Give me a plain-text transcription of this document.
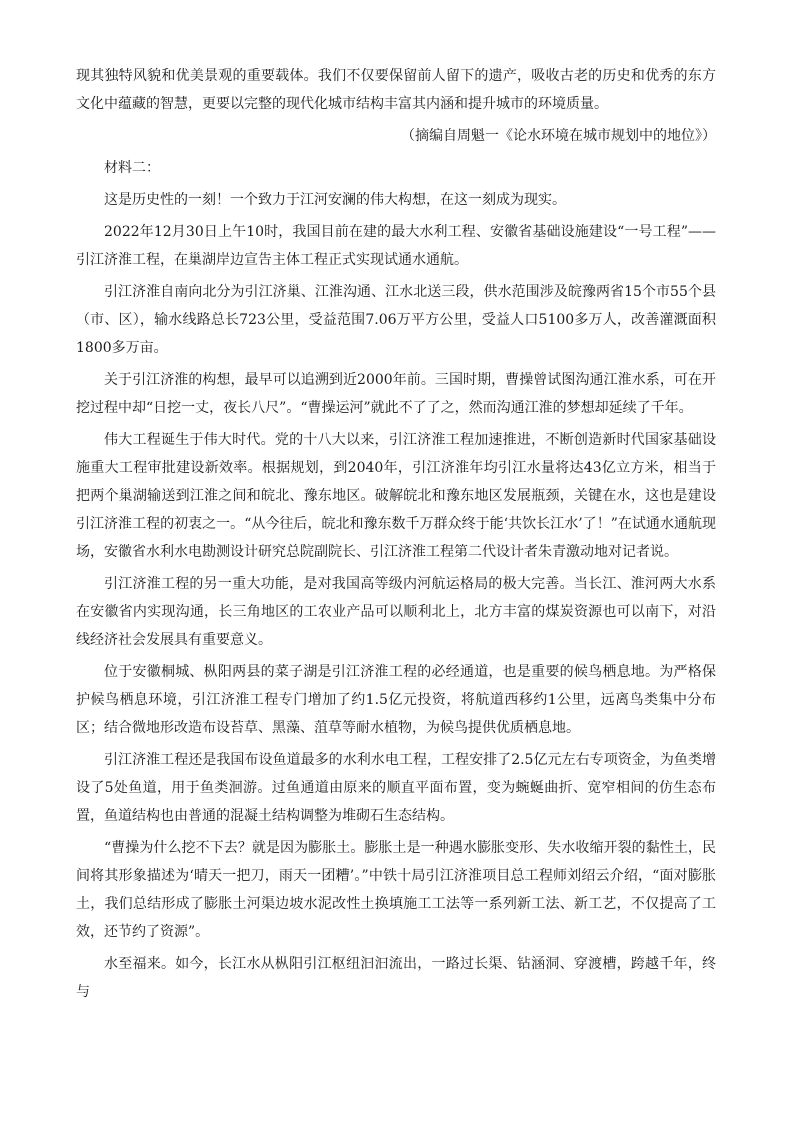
现其独特风貌和优美景观的重要载体。我们不仅要保留前人留下的遗产，吸收古老的历史和优秀的东方文化中蕴藏的智慧，更要以完整的现代化城市结构丰富其内涵和提升城市的环境质量。

（摘编自周魁一《论水环境在城市规划中的地位》）

材料二：

这是历史性的一刻！一个致力于江河安澜的伟大构想，在这一刻成为现实。

2022年12月30日上午10时，我国目前在建的最大水利工程、安徽省基础设施建设“一号工程”——引江济淮工程，在巢湖岸边宣告主体工程正式实现试通水通航。

引江济淮自南向北分为引江济巢、江淮沟通、江水北送三段，供水范围涉及皖豫两省15个市55个县（市、区），输水线路总长723公里，受益范围7.06万平方公里，受益人口5100多万人，改善灌溉面积1800多万亩。

关于引江济淮的构想，最早可以追溯到近2000年前。三国时期，曹操曾试图沟通江淮水系，可在开挖过程中却“日挖一丈，夜长八尺”。“曹操运河”就此不了了之，然而沟通江淮的梦想却延续了千年。

伟大工程诞生于伟大时代。党的十八大以来，引江济淮工程加速推进，不断创造新时代国家基础设施重大工程审批建设新效率。根据规划，到2040年，引江济淮年均引江水量将达43亿立方米，相当于把两个巢湖输送到江淮之间和皖北、豫东地区。破解皖北和豫东地区发展瓶颈，关键在水，这也是建设引江济淮工程的初衷之一。“从今往后，皖北和豫东数千万群众终于能‘共饮长江水’了！”在试通水通航现场，安徽省水利水电勘测设计研究总院副院长、引江济淮工程第二代设计者朱青激动地对记者说。

引江济淮工程的另一重大功能，是对我国高等级内河航运格局的极大完善。当长江、淮河两大水系在安徽省内实现沟通，长三角地区的工农业产品可以顺利北上，北方丰富的煤炭资源也可以南下，对沿线经济社会发展具有重要意义。

位于安徽桐城、枞阳两县的菜子湖是引江济淮工程的必经通道，也是重要的候鸟栖息地。为严格保护候鸟栖息环境，引江济淮工程专门增加了约1.5亿元投资，将航道西移约1公里，远离鸟类集中分布区；结合微地形改造布设苔草、黑藻、菹草等耐水植物，为候鸟提供优质栖息地。

引江济淮工程还是我国布设鱼道最多的水利水电工程，工程安排了2.5亿元左右专项资金，为鱼类增设了5处鱼道，用于鱼类洄游。过鱼通道由原来的顺直平面布置，变为蜿蜒曲折、宽窄相间的仿生态布置，鱼道结构也由普通的混凝土结构调整为堆砌石生态结构。

“曹操为什么挖不下去？就是因为膨胀土。膨胀土是一种遇水膨胀变形、失水收缩开裂的黏性土，民间将其形象描述为‘晴天一把刀，雨天一团糟’。”中铁十局引江济淮项目总工程师刘绍云介绍，“面对膨胀土，我们总结形成了膨胀土河渠边坡水泥改性土换填施工工法等一系列新工法、新工艺，不仅提高了工效，还节约了资源”。

水至福来。如今，长江水从枞阳引江枢纽汩汩流出，一路过长渠、钻涵洞、穿渡槽，跨越千年，终与
